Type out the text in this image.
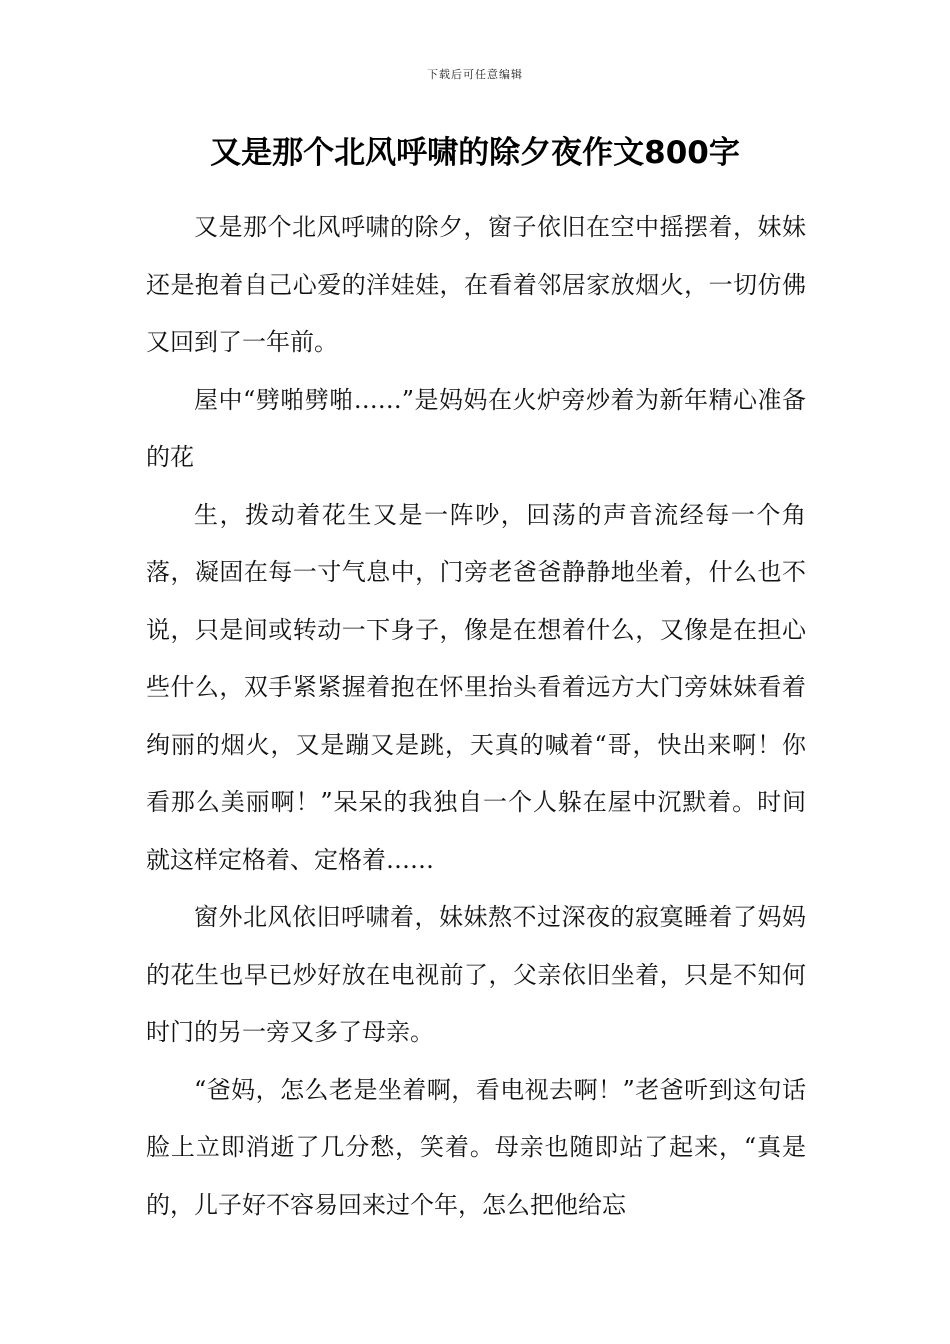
下载后可任意编辑
又是那个北风呼啸的除夕夜作文800字

又是那个北风呼啸的除夕，窗子依旧在空中摇摆着，妹妹还是抱着自己心爱的洋娃娃，在看着邻居家放烟火，一切仿佛又回到了一年前。

屋中“劈啪劈啪……”是妈妈在火炉旁炒着为新年精心准备的花

生，拨动着花生又是一阵吵，回荡的声音流经每一个角落，凝固在每一寸气息中，门旁老爸爸静静地坐着，什么也不说，只是间或转动一下身子，像是在想着什么，又像是在担心些什么，双手紧紧握着抱在怀里抬头看着远方大门旁妹妹看着绚丽的烟火，又是蹦又是跳，天真的喊着“哥，快出来啊！你看那么美丽啊！”呆呆的我独自一个人躲在屋中沉默着。时间就这样定格着、定格着……

窗外北风依旧呼啸着，妹妹熬不过深夜的寂寞睡着了妈妈的花生也早已炒好放在电视前了，父亲依旧坐着，只是不知何时门的另一旁又多了母亲。

“爸妈，怎么老是坐着啊，看电视去啊！”老爸听到这句话脸上立即消逝了几分愁，笑着。母亲也随即站了起来，“真是的，儿子好不容易回来过个年，怎么把他给忘
